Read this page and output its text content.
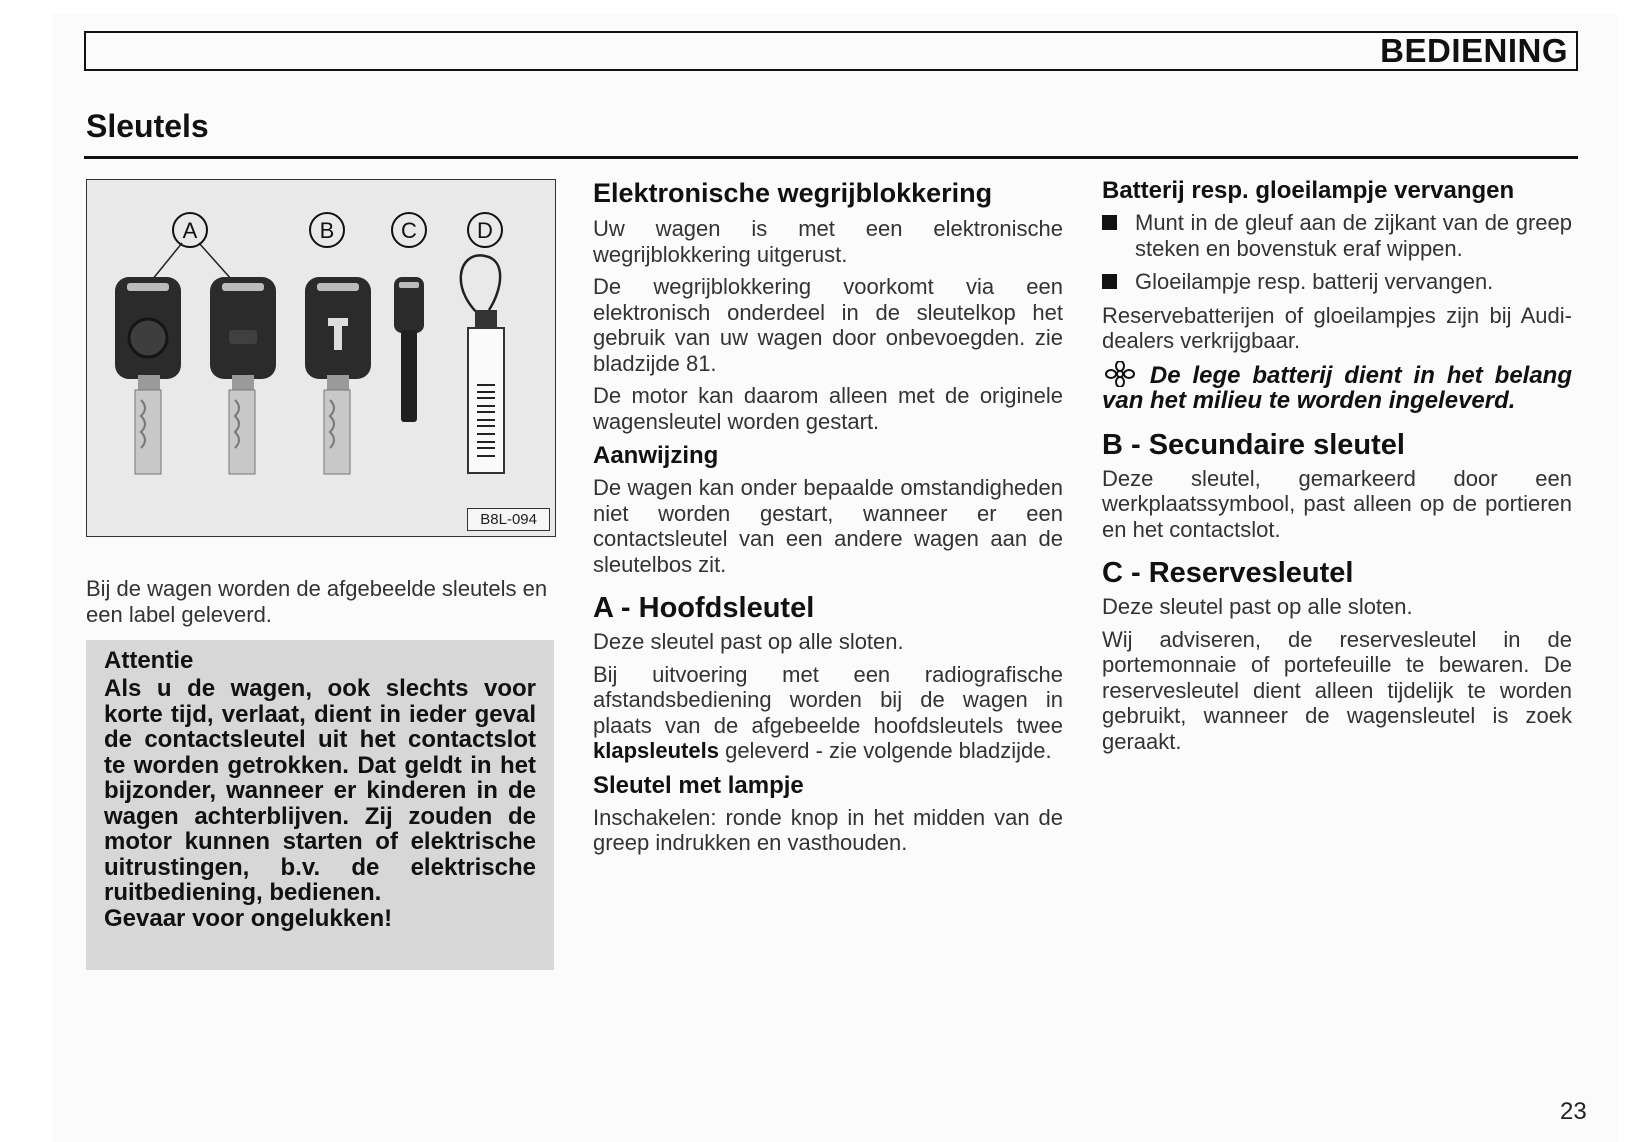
BEDIENING
Sleutels
A	B	C	D
B8L-094
Bij de wagen worden de afgebeelde sleutels en een label geleverd.
Attentie
Als u de wagen, ook slechts voor korte tijd, verlaat, dient in ieder geval de contactsleutel uit het contactslot te worden getrokken. Dat geldt in het bijzonder, wanneer er kinderen in de wagen achterblijven. Zij zouden de motor kunnen starten of elektrische uitrustingen, b.v. de elektrische ruitbediening, bedienen.
Gevaar voor ongelukken!
Elektronische wegrijblokkering

Uw wagen is met een elektronische wegrijblokkering uitgerust.

De wegrijblokkering voorkomt via een elektronisch onderdeel in de sleutelkop het gebruik van uw wagen door onbevoegden. zie bladzijde 81.

De motor kan daarom alleen met de originele wagensleutel worden gestart.

Aanwijzing

De wagen kan onder bepaalde omstandigheden niet worden gestart, wanneer er een contactsleutel van een andere wagen aan de sleutelbos zit.

A - Hoofdsleutel

Deze sleutel past op alle sloten.

Bij uitvoering met een radiografische afstandsbediening worden bij de wagen in plaats van de afgebeelde hoofdsleutels twee klapsleutels geleverd - zie volgende bladzijde.

Sleutel met lampje

Inschakelen: ronde knop in het midden van de greep indrukken en vasthouden.

Batterij resp. gloeilampje vervangen
Munt in de gleuf aan de zijkant van de greep steken en bovenstuk eraf wippen.
Gloeilampje resp. batterij vervangen.

Reservebatterijen of gloeilampjes zijn bij Audi-dealers verkrijgbaar.

De lege batterij dient in het belang van het milieu te worden ingeleverd.
B - Secundaire sleutel

Deze sleutel, gemarkeerd door een werkplaatssymbool, past alleen op de portieren en het contactslot.

C - Reservesleutel

Deze sleutel past op alle sloten.

Wij adviseren, de reservesleutel in de portemonnaie of portefeuille te bewaren. De reservesleutel dient alleen tijdelijk te worden gebruikt, wanneer de wagensleutel is zoek geraakt.

23
